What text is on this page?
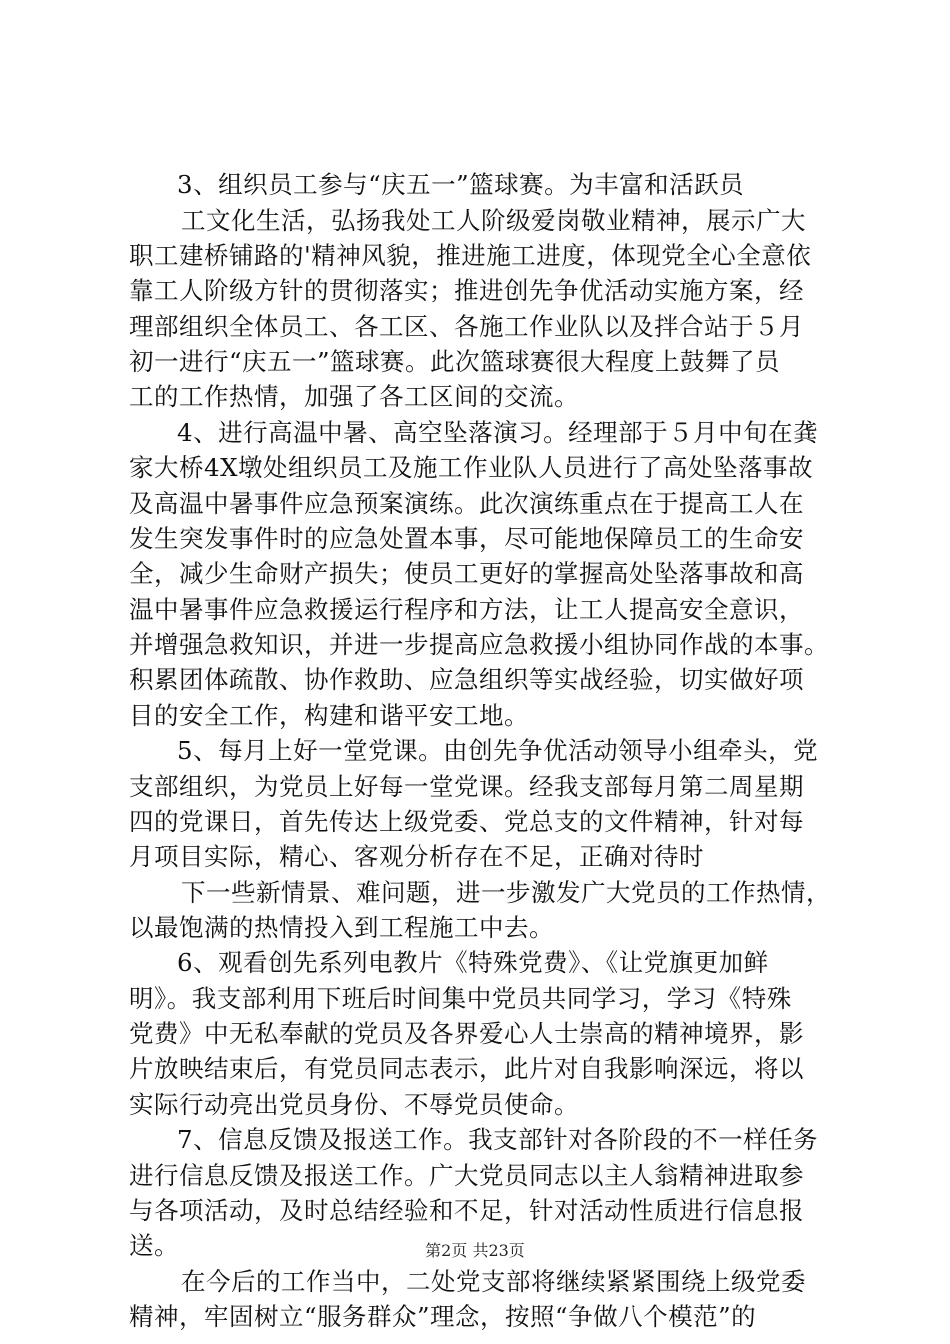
3、组织员工参与“庆五一”篮球赛。为丰富和活跃员
工文化生活，弘扬我处工人阶级爱岗敬业精神，展示广大
职工建桥铺路的'精神风貌，推进施工进度，体现党全心全意依
靠工人阶级方针的贯彻落实；推进创先争优活动实施方案，经
理部组织全体员工、各工区、各施工作业队以及拌合站于５月
初一进行“庆五一”篮球赛。此次篮球赛很大程度上鼓舞了员
工的工作热情，加强了各工区间的交流。
4、进行高温中暑、高空坠落演习。经理部于５月中旬在龚
家大桥4X墩处组织员工及施工作业队人员进行了高处坠落事故
及高温中暑事件应急预案演练。此次演练重点在于提高工人在
发生突发事件时的应急处置本事，尽可能地保障员工的生命安
全，减少生命财产损失；使员工更好的掌握高处坠落事故和高
温中暑事件应急救援运行程序和方法，让工人提高安全意识，
并增强急救知识，并进一步提高应急救援小组协同作战的本事。
积累团体疏散、协作救助、应急组织等实战经验，切实做好项
目的安全工作，构建和谐平安工地。
5、每月上好一堂党课。由创先争优活动领导小组牵头，党
支部组织，为党员上好每一堂党课。经我支部每月第二周星期
四的党课日，首先传达上级党委、党总支的文件精神，针对每
月项目实际，精心、客观分析存在不足，正确对待时
下一些新情景、难问题，进一步激发广大党员的工作热情，
以最饱满的热情投入到工程施工中去。
6、观看创先系列电教片《特殊党费》、《让党旗更加鲜
明》。我支部利用下班后时间集中党员共同学习，学习《特殊
党费》中无私奉献的党员及各界爱心人士崇高的精神境界，影
片放映结束后，有党员同志表示，此片对自我影响深远，将以
实际行动亮出党员身份、不辱党员使命。
7、信息反馈及报送工作。我支部针对各阶段的不一样任务
进行信息反馈及报送工作。广大党员同志以主人翁精神进取参
与各项活动，及时总结经验和不足，针对活动性质进行信息报
送。
在今后的工作当中，二处党支部将继续紧紧围绕上级党委
精神，牢固树立“服务群众”理念，按照“争做八个模范”的
第2页 共23页
